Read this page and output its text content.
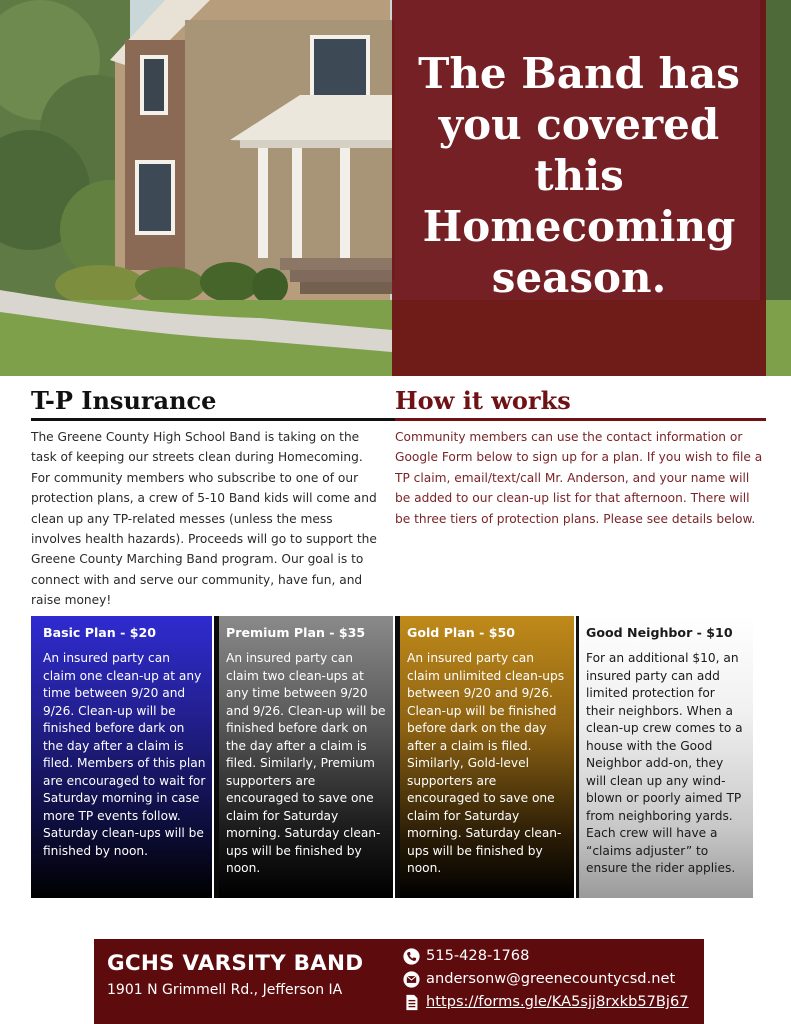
The Band has you covered this Homecoming season.
T-P Insurance
The Greene County High School Band is taking on the task of keeping our streets clean during Homecoming. For community members who subscribe to one of our protection plans, a crew of 5-10 Band kids will come and clean up any TP-related messes (unless the mess involves health hazards). Proceeds will go to support the Greene County Marching Band program. Our goal is to connect with and serve our community, have fun, and raise money!
How it works
Community members can use the contact information or Google Form below to sign up for a plan. If you wish to file a TP claim, email/text/call Mr. Anderson, and your name will be added to our clean-up list for that afternoon. There will be three tiers of protection plans. Please see details below.
Basic Plan - $20
An insured party can claim one clean-up at any time between 9/20 and 9/26. Clean-up will be finished before dark on the day after a claim is filed. Members of this plan are encouraged to wait for Saturday morning in case more TP events follow. Saturday clean-ups will be finished by noon.
Premium Plan - $35
An insured party can claim two clean-ups at any time between 9/20 and 9/26. Clean-up will be finished before dark on the day after a claim is filed. Similarly, Premium supporters are encouraged to save one claim for Saturday morning. Saturday clean-ups will be finished by noon.
Gold Plan - $50
An insured party can claim unlimited clean-ups between 9/20 and 9/26. Clean-up will be finished before dark on the day after a claim is filed. Similarly, Gold-level supporters are encouraged to save one claim for Saturday morning. Saturday clean-ups will be finished by noon.
Good Neighbor - $10
For an additional $10, an insured party can add limited protection for their neighbors. When a clean-up crew comes to a house with the Good Neighbor add-on, they will clean up any wind-blown or poorly aimed TP from neighboring yards. Each crew will have a “claims adjuster” to ensure the rider applies.
GCHS VARSITY BAND
1901 N Grimmell Rd., Jefferson IA
515-428-1768
andersonw@greenecountycsd.net
https://forms.gle/KA5sjj8rxkb57Bj67
